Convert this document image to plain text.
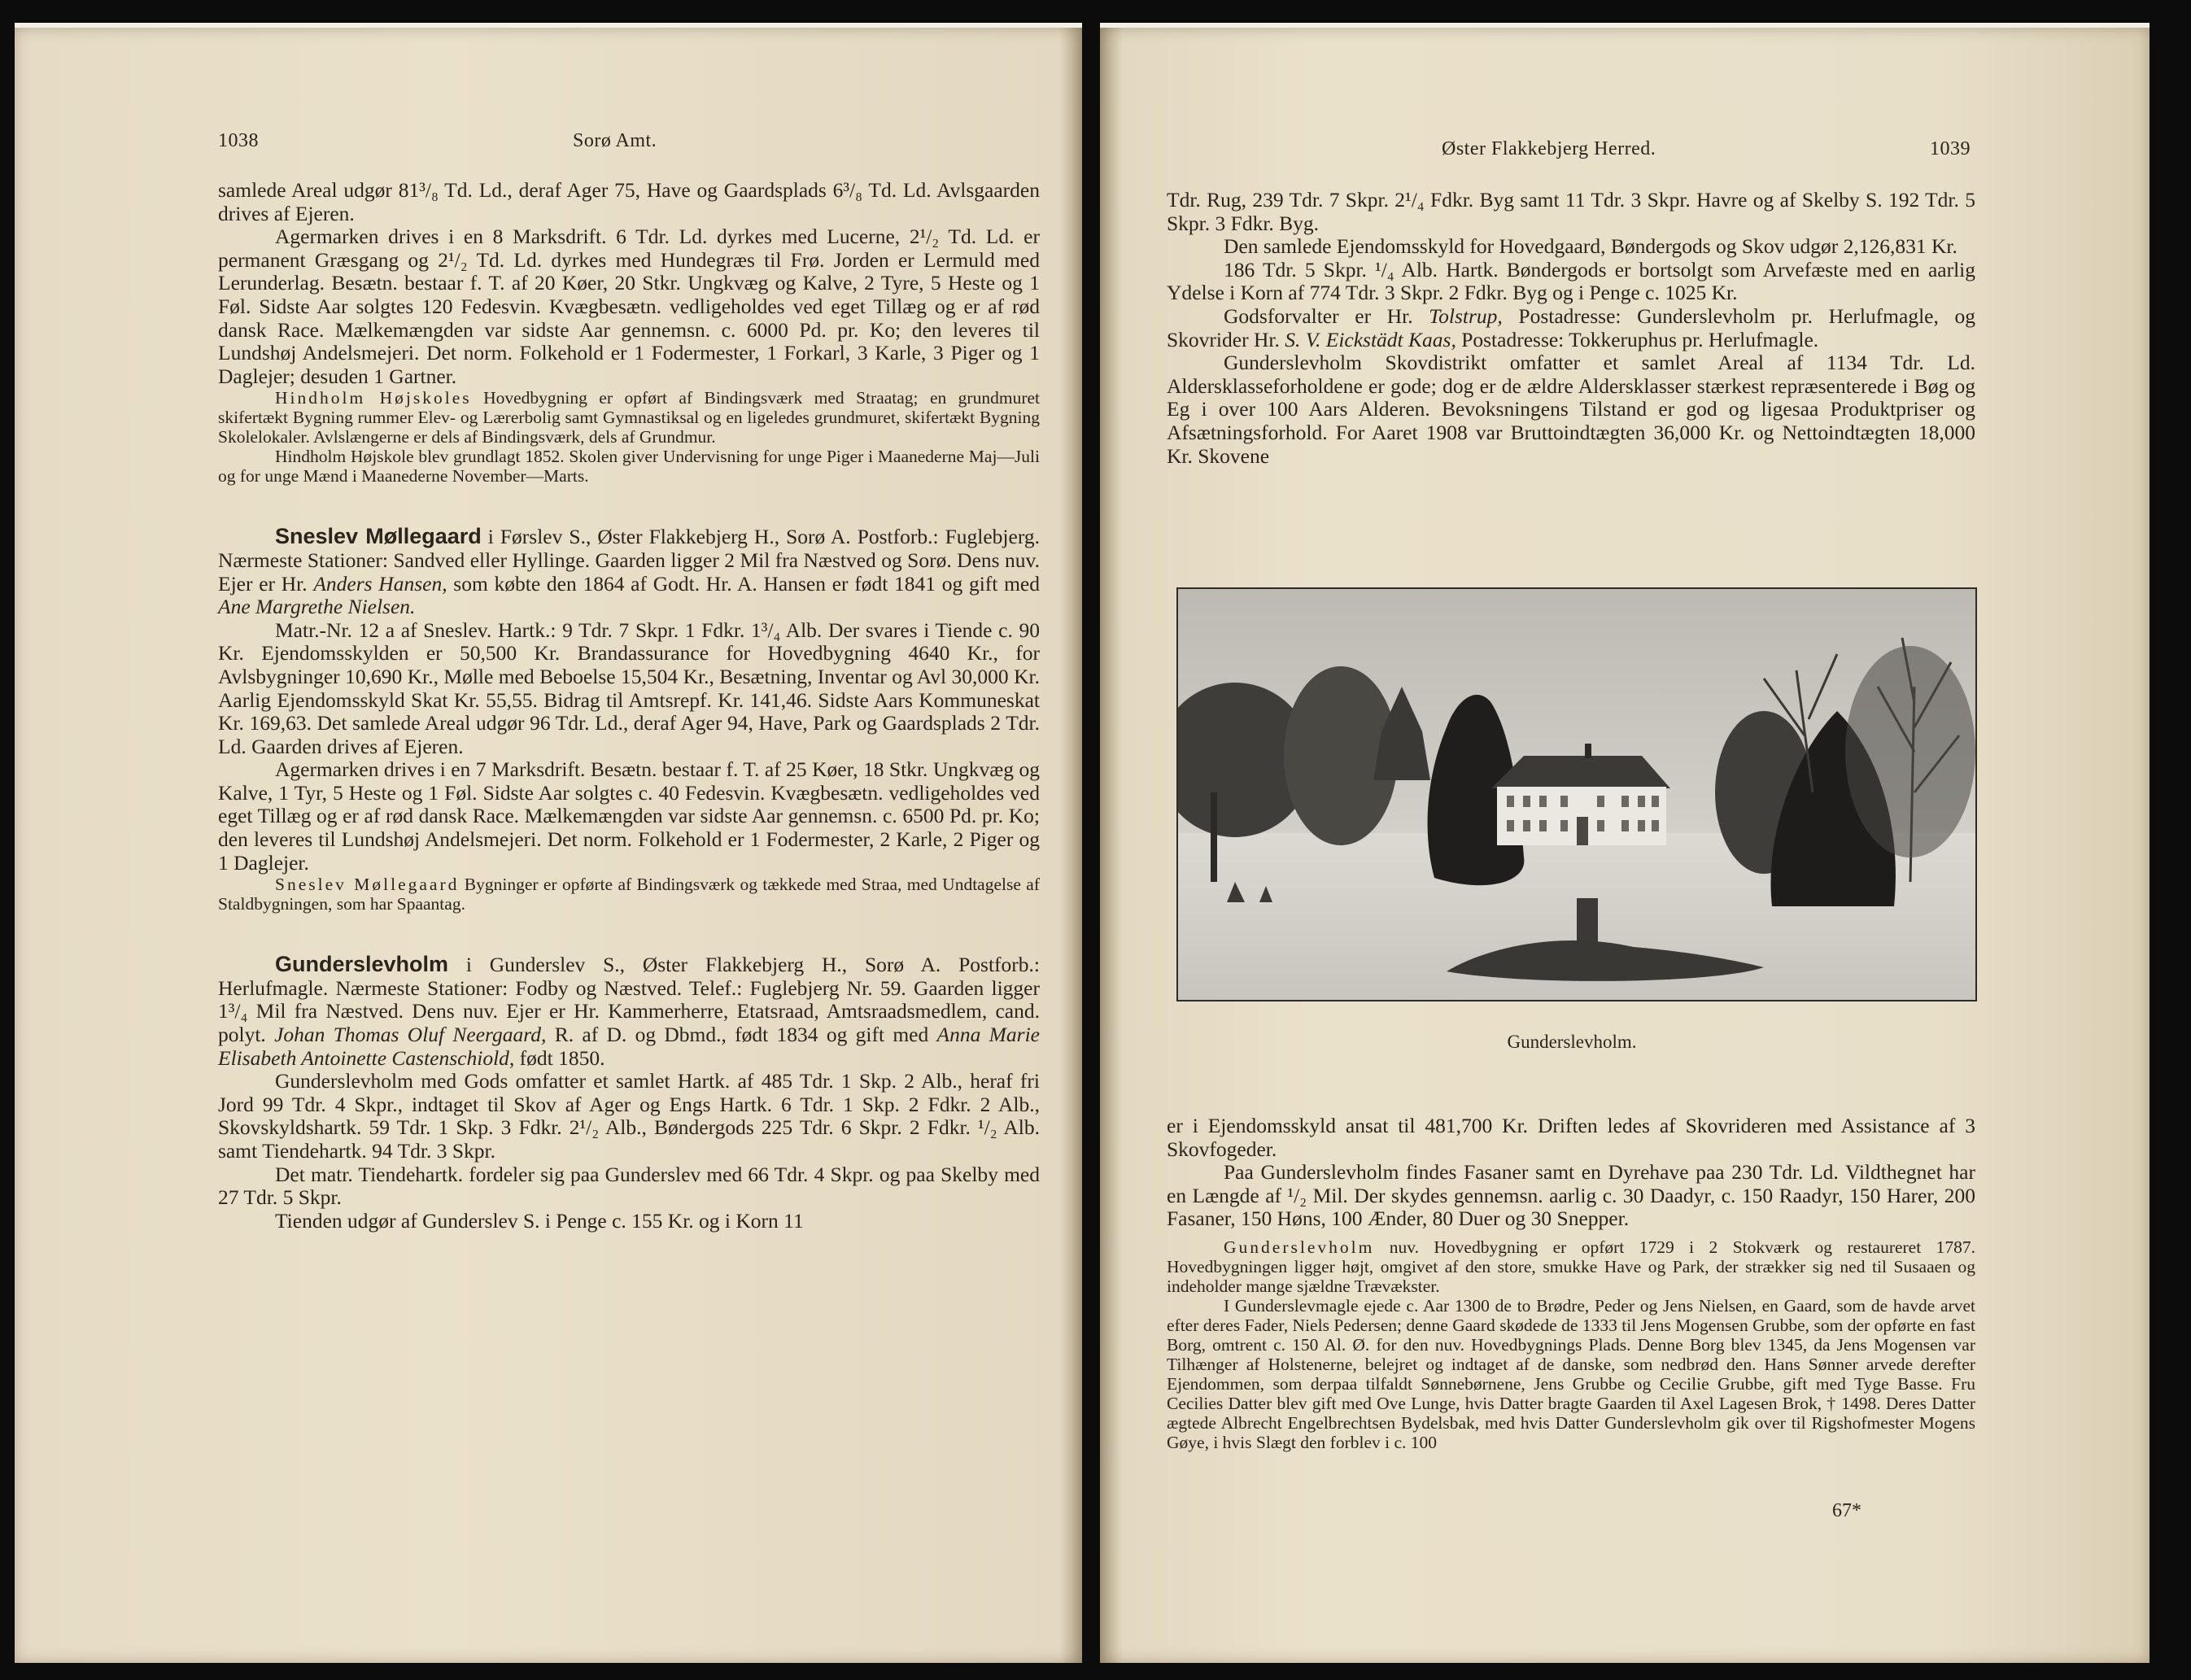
1038	Sorø Amt.

samlede Areal udgør 81³/₈ Td. Ld., deraf Ager 75, Have og Gaardsplads 6³/₈ Td. Ld. Avlsgaarden drives af Ejeren.

Agermarken drives i en 8 Marksdrift. 6 Tdr. Ld. dyrkes med Lucerne, 2¹/₂ Td. Ld. er permanent Græsgang og 2¹/₂ Td. Ld. dyrkes med Hundegræs til Frø. Jorden er Lermuld med Lerunderlag. Besætn. bestaar f. T. af 20 Køer, 20 Stkr. Ungkvæg og Kalve, 2 Tyre, 5 Heste og 1 Føl. Sidste Aar solgtes 120 Fedesvin. Kvægbesætn. vedligeholdes ved eget Tillæg og er af rød dansk Race. Mælkemængden var sidste Aar gennemsn. c. 6000 Pd. pr. Ko; den leveres til Lundshøj Andelsmejeri. Det norm. Folkehold er 1 Fodermester, 1 Forkarl, 3 Karle, 3 Piger og 1 Daglejer; desuden 1 Gartner.

Hindholm Højskoles Hovedbygning er opført af Bindingsværk med Straatag; en grundmuret skifertækt Bygning rummer Elev- og Lærerbolig samt Gymnastiksal og en ligeledes grundmuret, skifertækt Bygning Skolelokaler. Avlslængerne er dels af Bindingsværk, dels af Grundmur.

Hindholm Højskole blev grundlagt 1852. Skolen giver Undervisning for unge Piger i Maanederne Maj—Juli og for unge Mænd i Maanederne November—Marts.

Sneslev Møllegaard i Førslev S., Øster Flakkebjerg H., Sorø A. Postforb.: Fuglebjerg. Nærmeste Stationer: Sandved eller Hyllinge. Gaarden ligger 2 Mil fra Næstved og Sorø. Dens nuv. Ejer er Hr. Anders Hansen, som købte den 1864 af Godt. Hr. A. Hansen er født 1841 og gift med Ane Margrethe Nielsen.

Matr.-Nr. 12 a af Sneslev. Hartk.: 9 Tdr. 7 Skpr. 1 Fdkr. 1³/₄ Alb. Der svares i Tiende c. 90 Kr. Ejendomsskylden er 50,500 Kr. Brandassurance for Hovedbygning 4640 Kr., for Avlsbygninger 10,690 Kr., Mølle med Beboelse 15,504 Kr., Besætning, Inventar og Avl 30,000 Kr. Aarlig Ejendomsskyld Skat Kr. 55,55. Bidrag til Amtsrepf. Kr. 141,46. Sidste Aars Kommuneskat Kr. 169,63. Det samlede Areal udgør 96 Tdr. Ld., deraf Ager 94, Have, Park og Gaardsplads 2 Tdr. Ld. Gaarden drives af Ejeren.

Agermarken drives i en 7 Marksdrift. Besætn. bestaar f. T. af 25 Køer, 18 Stkr. Ungkvæg og Kalve, 1 Tyr, 5 Heste og 1 Føl. Sidste Aar solgtes c. 40 Fedesvin. Kvægbesætn. vedligeholdes ved eget Tillæg og er af rød dansk Race. Mælkemængden var sidste Aar gennemsn. c. 6500 Pd. pr. Ko; den leveres til Lundshøj Andelsmejeri. Det norm. Folkehold er 1 Fodermester, 2 Karle, 2 Piger og 1 Daglejer.

Sneslev Møllegaard Bygninger er opførte af Bindingsværk og tækkede med Straa, med Undtagelse af Staldbygningen, som har Spaantag.

Gunderslevholm i Gunderslev S., Øster Flakkebjerg H., Sorø A. Postforb.: Herlufmagle. Nærmeste Stationer: Fodby og Næstved. Telef.: Fuglebjerg Nr. 59. Gaarden ligger 1³/₄ Mil fra Næstved. Dens nuv. Ejer er Hr. Kammerherre, Etatsraad, Amtsraadsmedlem, cand. polyt. Johan Thomas Oluf Neergaard, R. af D. og Dbmd., født 1834 og gift med Anna Marie Elisabeth Antoinette Castenschiold, født 1850.

Gunderslevholm med Gods omfatter et samlet Hartk. af 485 Tdr. 1 Skp. 2 Alb., heraf fri Jord 99 Tdr. 4 Skpr., indtaget til Skov af Ager og Engs Hartk. 6 Tdr. 1 Skp. 2 Fdkr. 2 Alb., Skovskyldshartk. 59 Tdr. 1 Skp. 3 Fdkr. 2¹/₂ Alb., Bøndergods 225 Tdr. 6 Skpr. 2 Fdkr. ¹/₂ Alb. samt Tiendehartk. 94 Tdr. 3 Skpr.

Det matr. Tiendehartk. fordeler sig paa Gunderslev med 66 Tdr. 4 Skpr. og paa Skelby med 27 Tdr. 5 Skpr.

Tienden udgør af Gunderslev S. i Penge c. 155 Kr. og i Korn 11

Øster Flakkebjerg Herred.	1039

Tdr. Rug, 239 Tdr. 7 Skpr. 2¹/₄ Fdkr. Byg samt 11 Tdr. 3 Skpr. Havre og af Skelby S. 192 Tdr. 5 Skpr. 3 Fdkr. Byg.

Den samlede Ejendomsskyld for Hovedgaard, Bøndergods og Skov udgør 2,126,831 Kr.

186 Tdr. 5 Skpr. ¹/₄ Alb. Hartk. Bøndergods er bortsolgt som Arvefæste med en aarlig Ydelse i Korn af 774 Tdr. 3 Skpr. 2 Fdkr. Byg og i Penge c. 1025 Kr.

Godsforvalter er Hr. Tolstrup, Postadresse: Gunderslevholm pr. Herlufmagle, og Skovrider Hr. S. V. Eickstädt Kaas, Postadresse: Tokkeruphus pr. Herlufmagle.

Gunderslevholm Skovdistrikt omfatter et samlet Areal af 1134 Tdr. Ld. Aldersklasseforholdene er gode; dog er de ældre Aldersklasser stærkest repræsenterede i Bøg og Eg i over 100 Aars Alderen. Bevoksningens Tilstand er god og ligesaa Produktpriser og Afsætningsforhold. For Aaret 1908 var Bruttoindtægten 36,000 Kr. og Nettoindtægten 18,000 Kr. Skovene

Gunderslevholm.

er i Ejendomsskyld ansat til 481,700 Kr. Driften ledes af Skovrideren med Assistance af 3 Skovfogeder.

Paa Gunderslevholm findes Fasaner samt en Dyrehave paa 230 Tdr. Ld. Vildthegnet har en Længde af ¹/₂ Mil. Der skydes gennemsn. aarlig c. 30 Daadyr, c. 150 Raadyr, 150 Harer, 200 Fasaner, 150 Høns, 100 Ænder, 80 Duer og 30 Snepper.

Gunderslevholm nuv. Hovedbygning er opført 1729 i 2 Stokværk og restaureret 1787. Hovedbygningen ligger højt, omgivet af den store, smukke Have og Park, der strækker sig ned til Susaaen og indeholder mange sjældne Trævækster.

I Gunderslevmagle ejede c. Aar 1300 de to Brødre, Peder og Jens Nielsen, en Gaard, som de havde arvet efter deres Fader, Niels Pedersen; denne Gaard skødede de 1333 til Jens Mogensen Grubbe, som der opførte en fast Borg, omtrent c. 150 Al. Ø. for den nuv. Hovedbygnings Plads. Denne Borg blev 1345, da Jens Mogensen var Tilhænger af Holstenerne, belejret og indtaget af de danske, som nedbrød den. Hans Sønner arvede derefter Ejendommen, som derpaa tilfaldt Sønnebørnene, Jens Grubbe og Cecilie Grubbe, gift med Tyge Basse. Fru Cecilies Datter blev gift med Ove Lunge, hvis Datter bragte Gaarden til Axel Lagesen Brok, † 1498. Deres Datter ægtede Albrecht Engelbrechtsen Bydelsbak, med hvis Datter Gunderslevholm gik over til Rigshofmester Mogens Gøye, i hvis Slægt den forblev i c. 100

67*
